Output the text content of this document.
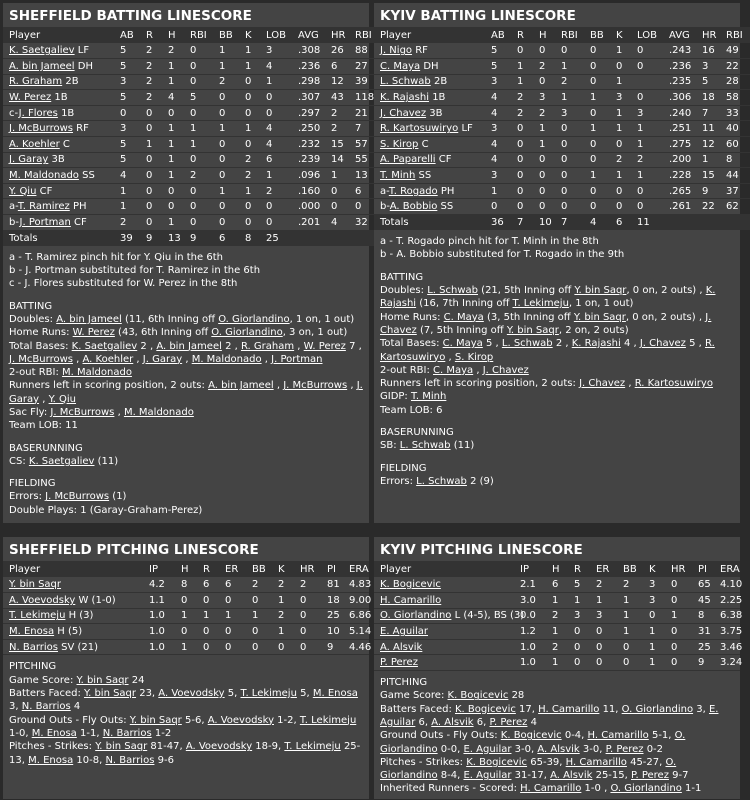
SHEFFIELD BATTING LINESCORE
Player	AB	R	H	RBI	BB	K	LOB	AVG	HR	RBI
K. Saetgaliev LF	5	2	2	0	1	1	3	.308	26	88
A. bin Jameel DH	5	2	1	0	1	1	4	.236	6	27
R. Graham 2B	3	2	1	0	2	0	1	.298	12	39
W. Perez 1B	5	2	4	5	0	0	0	.307	43	118
c-J. Flores 1B	0	0	0	0	0	0	0	.297	2	21
J. McBurrows RF	3	0	1	1	1	1	4	.250	2	7
A. Koehler C	5	1	1	1	0	0	4	.232	15	57
J. Garay 3B	5	0	1	0	0	2	6	.239	14	55
M. Maldonado SS	4	0	1	2	0	2	1	.096	1	13
Y. Qiu CF	1	0	0	0	1	1	2	.160	0	6
a-T. Ramirez PH	1	0	0	0	0	0	0	.000	0	0
b-J. Portman CF	2	0	1	0	0	0	0	.201	4	32
Totals	39	9	13	9	6	8	25			
a - T. Ramirez pinch hit for Y. Qiu in the 6th
b - J. Portman substituted for T. Ramirez in the 6th
c - J. Flores substituted for W. Perez in the 8th
BATTING
Doubles: A. bin Jameel (11, 6th Inning off O. Giorlandino, 1 on, 1 out)
Home Runs: W. Perez (43, 6th Inning off O. Giorlandino, 3 on, 1 out)
Total Bases: K. Saetgaliev 2 , A. bin Jameel 2 , R. Graham , W. Perez 7 , J. McBurrows , A. Koehler , J. Garay , M. Maldonado , J. Portman
2-out RBI: M. Maldonado
Runners left in scoring position, 2 outs: A. bin Jameel , J. McBurrows , J. Garay , Y. Qiu
Sac Fly: J. McBurrows , M. Maldonado
Team LOB: 11
BASERUNNING
CS: K. Saetgaliev (11)
FIELDING
Errors: J. McBurrows (1)
Double Plays: 1 (Garay-Graham-Perez)
KYIV BATTING LINESCORE
Player	AB	R	H	RBI	BB	K	LOB	AVG	HR	RBI
J. Nigo RF	5	0	0	0	0	1	0	.243	16	49
C. Maya DH	5	1	2	1	0	0	0	.236	3	22
L. Schwab 2B	3	1	0	2	0	1		.235	5	28
K. Rajashi 1B	4	2	3	1	1	3	0	.306	18	58
J. Chavez 3B	4	2	2	3	0	1	3	.240	7	33
R. Kartosuwiryo LF	3	0	1	0	1	1	1	.251	11	40
S. Kirop C	4	0	1	0	0	0	1	.275	12	60
A. Paparelli CF	4	0	0	0	0	2	2	.200	1	8
T. Minh SS	3	0	0	0	1	1	1	.228	15	44
a-T. Rogado PH	1	0	0	0	0	0	0	.265	9	37
b-A. Bobbio SS	0	0	0	0	0	0	0	.261	22	62
Totals	36	7	10	7	4	6	11			
a - T. Rogado pinch hit for T. Minh in the 8th
b - A. Bobbio substituted for T. Rogado in the 9th
BATTING
Doubles: L. Schwab (21, 5th Inning off Y. bin Saqr, 0 on, 2 outs) , K. Rajashi (16, 7th Inning off T. Lekimeju, 1 on, 1 out)
Home Runs: C. Maya (3, 5th Inning off Y. bin Saqr, 0 on, 2 outs) , J. Chavez (7, 5th Inning off Y. bin Saqr, 2 on, 2 outs)
Total Bases: C. Maya 5 , L. Schwab 2 , K. Rajashi 4 , J. Chavez 5 , R. Kartosuwiryo , S. Kirop
2-out RBI: C. Maya , J. Chavez
Runners left in scoring position, 2 outs: J. Chavez , R. Kartosuwiryo
GIDP: T. Minh
Team LOB: 6
BASERUNNING
SB: L. Schwab (11)
FIELDING
Errors: L. Schwab 2 (9)
SHEFFIELD PITCHING LINESCORE
Player	IP	H	R	ER	BB	K	HR	PI	ERA
Y. bin Saqr	4.2	8	6	6	2	2	2	81	4.83
A. Voevodsky W (1-0)	1.1	0	0	0	0	1	0	18	9.00
T. Lekimeju H (3)	1.0	1	1	1	1	2	0	25	6.86
M. Enosa H (5)	1.0	0	0	0	0	1	0	10	5.14
N. Barrios SV (21)	1.0	1	0	0	0	0	0	9	4.46
PITCHING
Game Score: Y. bin Saqr 24
Batters Faced: Y. bin Saqr 23, A. Voevodsky 5, T. Lekimeju 5, M. Enosa 3, N. Barrios 4
Ground Outs - Fly Outs: Y. bin Saqr 5-6, A. Voevodsky 1-2, T. Lekimeju 1-0, M. Enosa 1-1, N. Barrios 1-2
Pitches - Strikes: Y. bin Saqr 81-47, A. Voevodsky 18-9, T. Lekimeju 25-13, M. Enosa 10-8, N. Barrios 9-6
KYIV PITCHING LINESCORE
Player	IP	H	R	ER	BB	K	HR	PI	ERA
K. Bogicevic	2.1	6	5	2	2	3	0	65	4.10
H. Camarillo	3.0	1	1	1	1	3	0	45	2.25
O. Giorlandino L (4-5), BS (3)	0.0	2	3	3	1	0	1	8	6.38
E. Aguilar	1.2	1	0	0	1	1	0	31	3.75
A. Alsvik	1.0	2	0	0	0	1	0	25	3.46
P. Perez	1.0	1	0	0	0	1	0	9	3.24
PITCHING
Game Score: K. Bogicevic 28
Batters Faced: K. Bogicevic 17, H. Camarillo 11, O. Giorlandino 3, E. Aguilar 6, A. Alsvik 6, P. Perez 4
Ground Outs - Fly Outs: K. Bogicevic 0-4, H. Camarillo 5-1, O. Giorlandino 0-0, E. Aguilar 3-0, A. Alsvik 3-0, P. Perez 0-2
Pitches - Strikes: K. Bogicevic 65-39, H. Camarillo 45-27, O. Giorlandino 8-4, E. Aguilar 31-17, A. Alsvik 25-15, P. Perez 9-7
Inherited Runners - Scored: H. Camarillo 1-0 , O. Giorlandino 1-1
